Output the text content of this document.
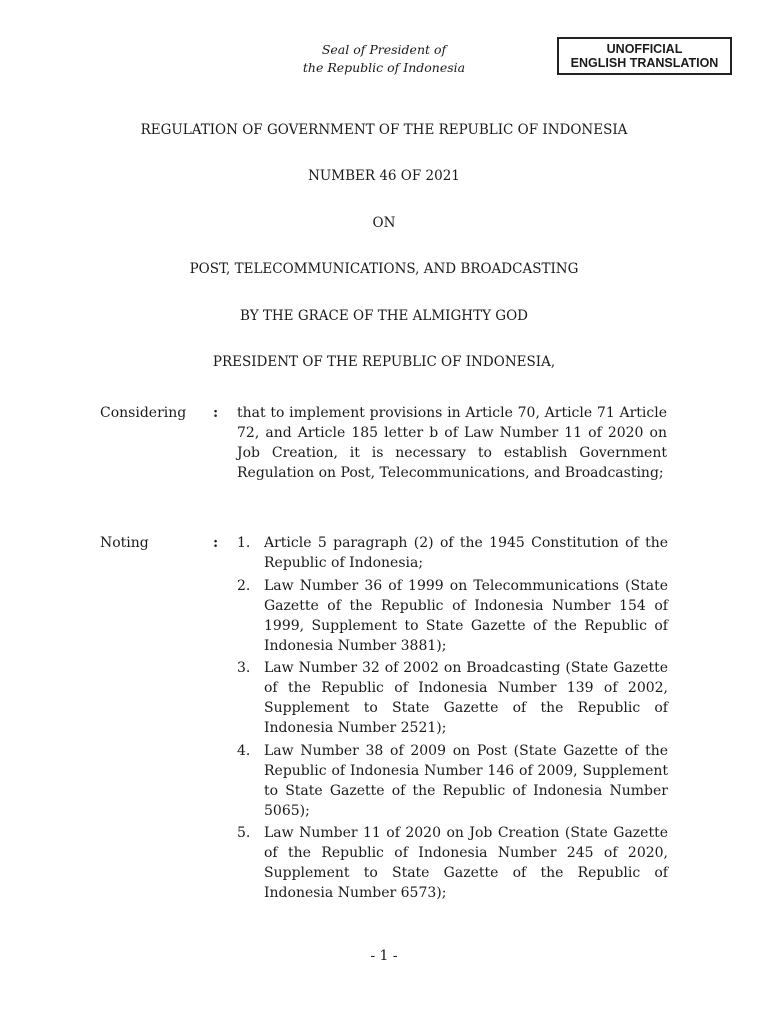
Seal of President of
the Republic of Indonesia
UNOFFICIAL
ENGLISH TRANSLATION
REGULATION OF GOVERNMENT OF THE REPUBLIC OF INDONESIA
NUMBER 46 OF 2021
ON
POST, TELECOMMUNICATIONS, AND BROADCASTING
BY THE GRACE OF THE ALMIGHTY GOD
PRESIDENT OF THE REPUBLIC OF INDONESIA,
Considering : that to implement provisions in Article 70, Article 71 Article 72, and Article 185 letter b of Law Number 11 of 2020 on Job Creation, it is necessary to establish Government Regulation on Post, Telecommunications, and Broadcasting;
Noting	: 1. Article 5 paragraph (2) of the 1945 Constitution of the Republic of Indonesia;
2. Law Number 36 of 1999 on Telecommunications (State Gazette of the Republic of Indonesia Number 154 of 1999, Supplement to State Gazette of the Republic of Indonesia Number 3881);
3. Law Number 32 of 2002 on Broadcasting (State Gazette of the Republic of Indonesia Number 139 of 2002, Supplement to State Gazette of the Republic of Indonesia Number 2521);
4. Law Number 38 of 2009 on Post (State Gazette of the Republic of Indonesia Number 146 of 2009, Supplement to State Gazette of the Republic of Indonesia Number 5065);
5. Law Number 11 of 2020 on Job Creation (State Gazette of the Republic of Indonesia Number 245 of 2020, Supplement to State Gazette of the Republic of Indonesia Number 6573);
- 1 -
